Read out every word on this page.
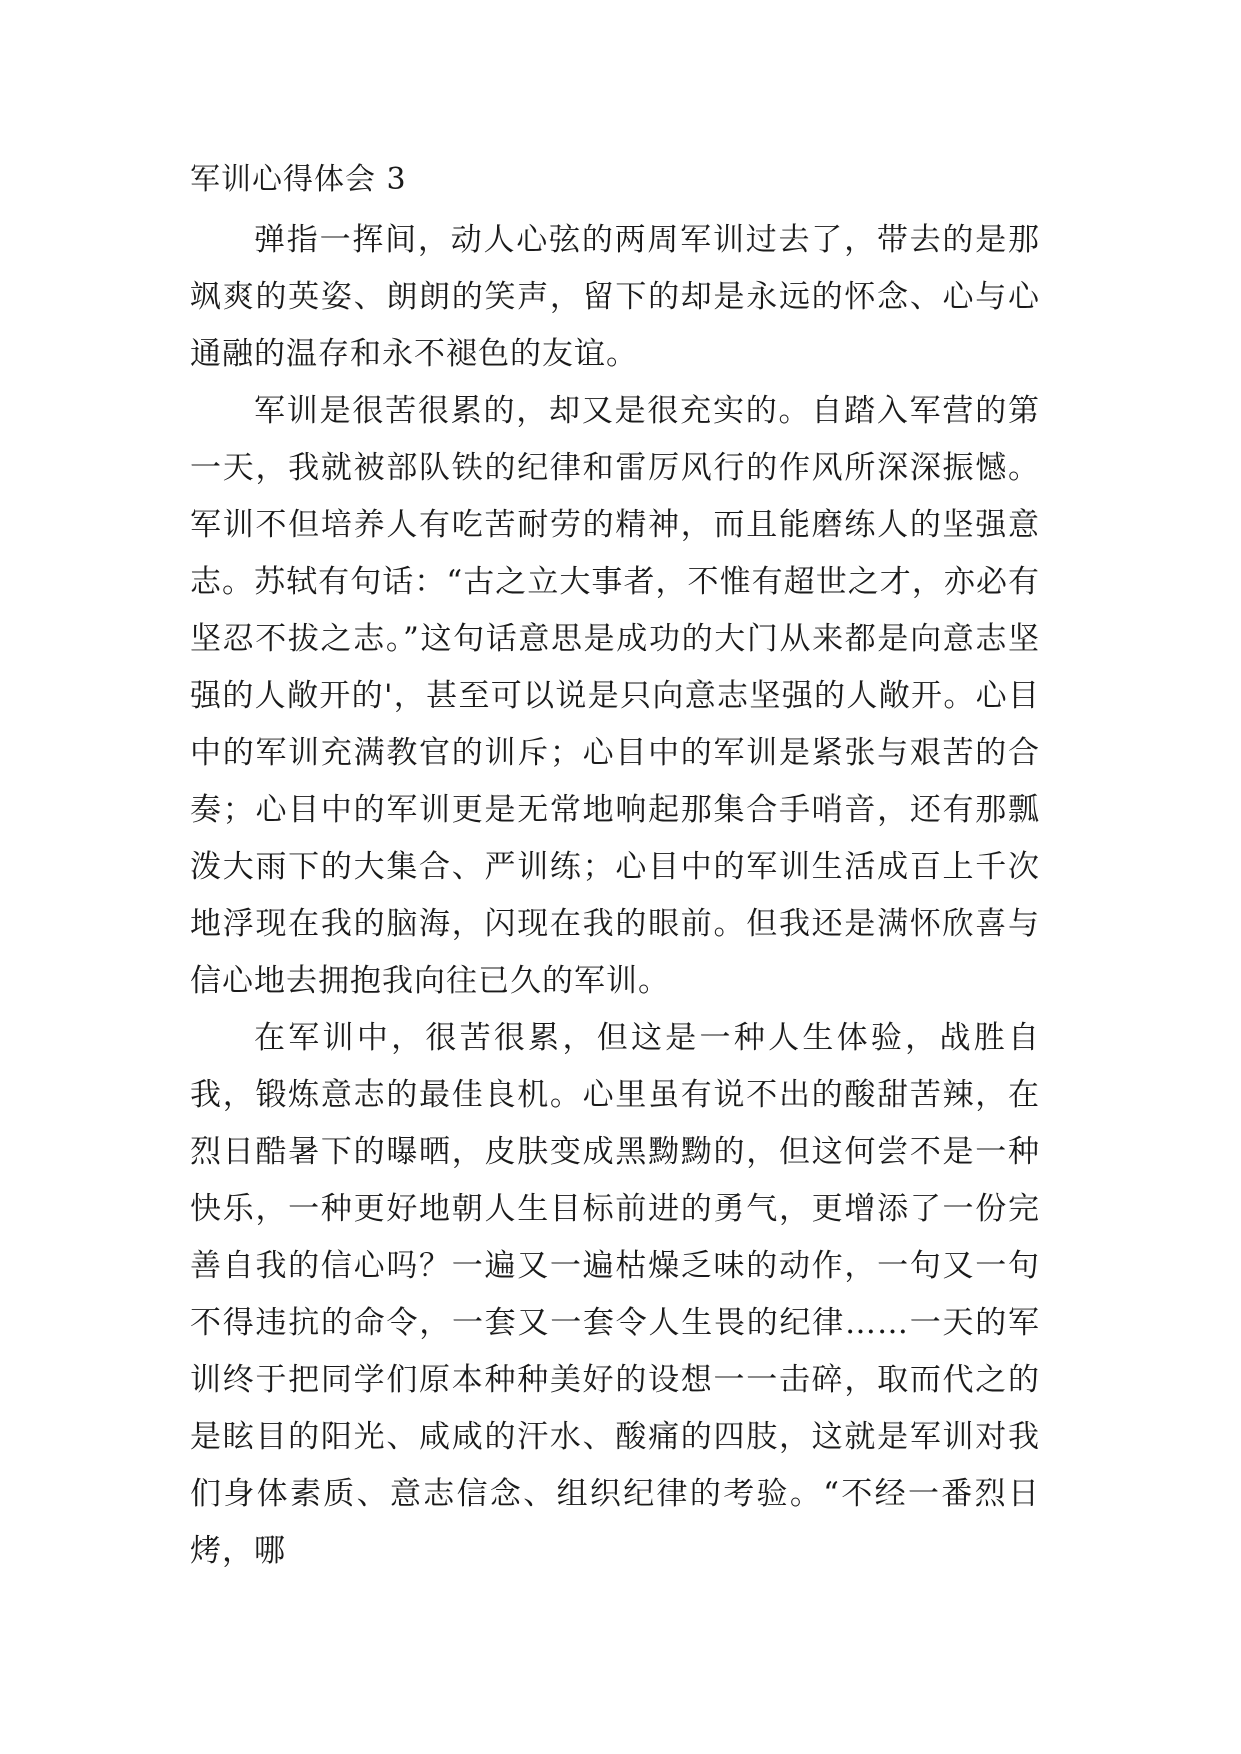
军训心得体会 3

弹指一挥间，动人心弦的两周军训过去了，带去的是那飒爽的英姿、朗朗的笑声，留下的却是永远的怀念、心与心通融的温存和永不褪色的友谊。

军训是很苦很累的，却又是很充实的。自踏入军营的第一天，我就被部队铁的纪律和雷厉风行的作风所深深振憾。军训不但培养人有吃苦耐劳的精神，而且能磨练人的坚强意志。苏轼有句话：“古之立大事者，不惟有超世之才，亦必有坚忍不拔之志。”这句话意思是成功的大门从来都是向意志坚强的人敞开的'，甚至可以说是只向意志坚强的人敞开。心目中的军训充满教官的训斥；心目中的军训是紧张与艰苦的合奏；心目中的军训更是无常地响起那集合手哨音，还有那瓢泼大雨下的大集合、严训练；心目中的军训生活成百上千次地浮现在我的脑海，闪现在我的眼前。但我还是满怀欣喜与信心地去拥抱我向往已久的军训。

在军训中，很苦很累，但这是一种人生体验，战胜自我，锻炼意志的最佳良机。心里虽有说不出的酸甜苦辣，在烈日酷暑下的曝晒，皮肤变成黑黝黝的，但这何尝不是一种快乐，一种更好地朝人生目标前进的勇气，更增添了一份完善自我的信心吗？一遍又一遍枯燥乏味的动作，一句又一句不得违抗的命令，一套又一套令人生畏的纪律……一天的军训终于把同学们原本种种美好的设想一一击碎，取而代之的是眩目的阳光、咸咸的汗水、酸痛的四肢，这就是军训对我们身体素质、意志信念、组织纪律的考验。“不经一番烈日烤，哪
